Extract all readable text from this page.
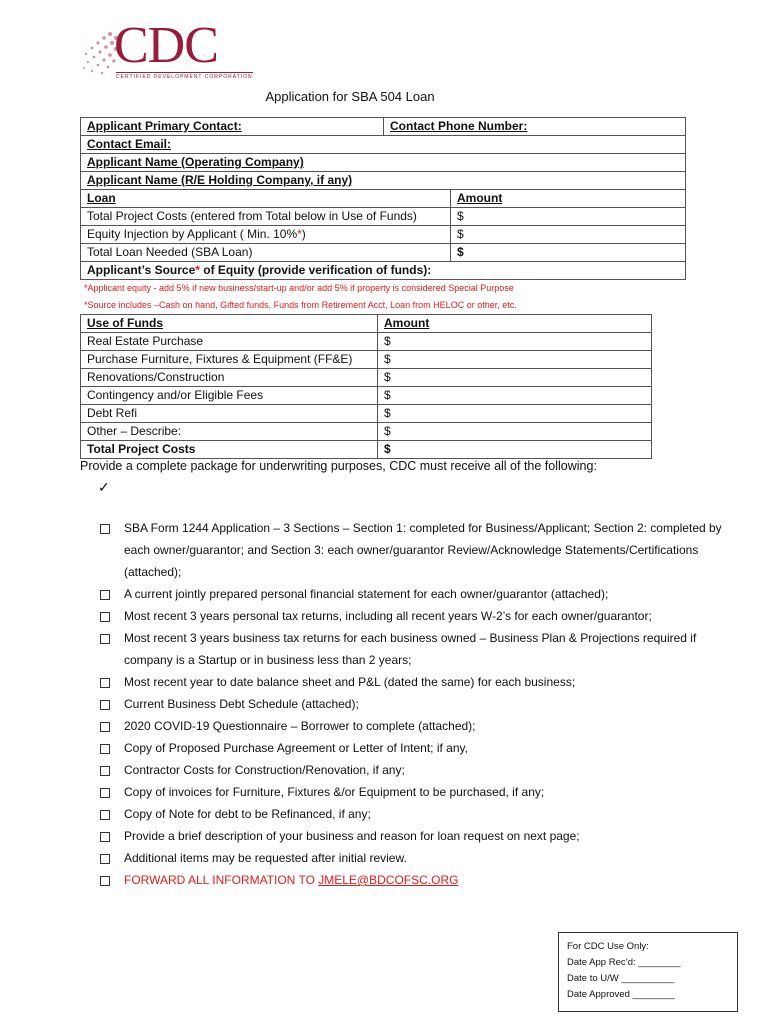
CDC
CERTIFIED DEVELOPMENT CORPORATION
Application for SBA 504 Loan
Applicant Primary Contact:	Contact Phone Number:	
Contact Email:		
Applicant Name (Operating Company)		
Applicant Name (R/E Holding Company, if any)		
Loan		Amount
Total Project Costs (entered from Total below in Use of Funds)		$
Equity Injection by Applicant ( Min. 10%*)		$
Total Loan Needed (SBA Loan)		$
Applicant’s Source* of Equity (provide verification of funds):		
*Applicant equity - add 5% if new business/start-up and/or add 5% if property is considered Special Purpose
*Source includes –Cash on hand, Gifted funds, Funds from Retirement Acct, Loan from HELOC or other, etc.
Use of Funds	Amount
Real Estate Purchase	$
Purchase Furniture, Fixtures & Equipment (FF&E)	$
Renovations/Construction	$
Contingency and/or Eligible Fees	$
Debt Refi	$
Other – Describe:	$
Total Project Costs	$
Provide a complete package for underwriting purposes, CDC must receive all of the following:
✓
SBA Form 1244 Application – 3 Sections – Section 1: completed for Business/Applicant; Section 2: completed by each owner/guarantor; and Section 3: each owner/guarantor Review/Acknowledge Statements/Certifications (attached);
A current jointly prepared personal financial statement for each owner/guarantor (attached);
Most recent 3 years personal tax returns, including all recent years W-2’s for each owner/guarantor;
Most recent 3 years business tax returns for each business owned – Business Plan & Projections required if company is a Startup or in business less than 2 years;
Most recent year to date balance sheet and P&L (dated the same) for each business;
Current Business Debt Schedule (attached);
2020 COVID-19 Questionnaire – Borrower to complete (attached);
Copy of Proposed Purchase Agreement or Letter of Intent; if any,
Contractor Costs for Construction/Renovation, if any;
Copy of invoices for Furniture, Fixtures &/or Equipment to be purchased, if any;
Copy of Note for debt to be Refinanced, if any;
Provide a brief description of your business and reason for loan request on next page;
Additional items may be requested after initial review.
FORWARD ALL INFORMATION TO JMELE@BDCOFSC.ORG
For CDC Use Only:
Date App Rec’d: ________
Date to U/W __________
Date Approved ________
